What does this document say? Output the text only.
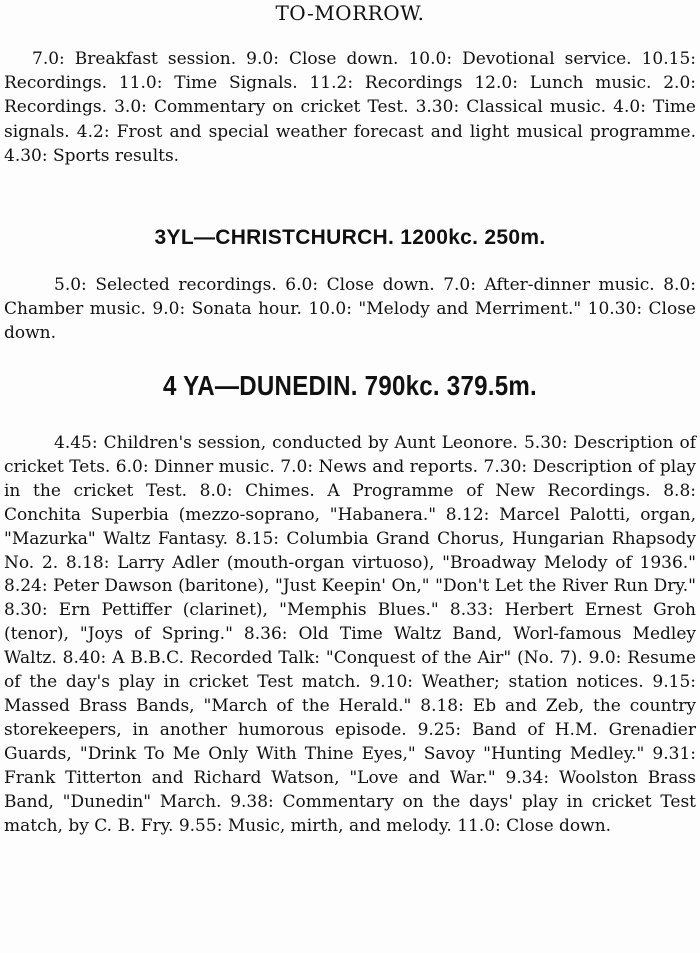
TO-MORROW.

7.0: Breakfast session. 9.0: Close down. 10.0: Devotional service. 10.15: Recordings. 11.0: Time Signals. 11.2: Recordings 12.0: Lunch music. 2.0: Recordings. 3.0: Commentary on cricket Test. 3.30: Classical music. 4.0: Time signals. 4.2: Frost and special weather forecast and light musical programme. 4.30: Sports results.

3YL—CHRISTCHURCH. 1200kc. 250m.

5.0: Selected recordings. 6.0: Close down. 7.0: After-dinner music. 8.0: Chamber music. 9.0: Sonata hour. 10.0: "Melody and Merriment." 10.30: Close down.

4 YA—DUNEDIN. 790kc. 379.5m.

4.45: Children's session, conducted by Aunt Leonore. 5.30: Description of cricket Tets. 6.0: Dinner music. 7.0: News and reports. 7.30: Description of play in the cricket Test. 8.0: Chimes. A Programme of New Recordings. 8.8: Conchita Superbia (mezzo-soprano, "Habanera." 8.12: Marcel Palotti, organ, "Mazurka" Waltz Fantasy. 8.15: Columbia Grand Chorus, Hungarian Rhapsody No. 2. 8.18: Larry Adler (mouth-organ virtuoso), "Broadway Melody of 1936." 8.24: Peter Dawson (baritone), "Just Keepin' On," "Don't Let the River Run Dry." 8.30: Ern Pettiffer (clarinet), "Memphis Blues." 8.33: Herbert Ernest Groh (tenor), "Joys of Spring." 8.36: Old Time Waltz Band, Worl-famous Medley Waltz. 8.40: A B.B.C. Recorded Talk: "Conquest of the Air" (No. 7). 9.0: Resume of the day's play in cricket Test match. 9.10: Weather; station notices. 9.15: Massed Brass Bands, "March of the Herald." 8.18: Eb and Zeb, the country storekeepers, in another humorous episode. 9.25: Band of H.M. Grenadier Guards, "Drink To Me Only With Thine Eyes," Savoy "Hunting Medley." 9.31: Frank Titterton and Richard Watson, "Love and War." 9.34: Woolston Brass Band, "Dunedin" March. 9.38: Commentary on the days' play in cricket Test match, by C. B. Fry. 9.55: Music, mirth, and melody. 11.0: Close down.
